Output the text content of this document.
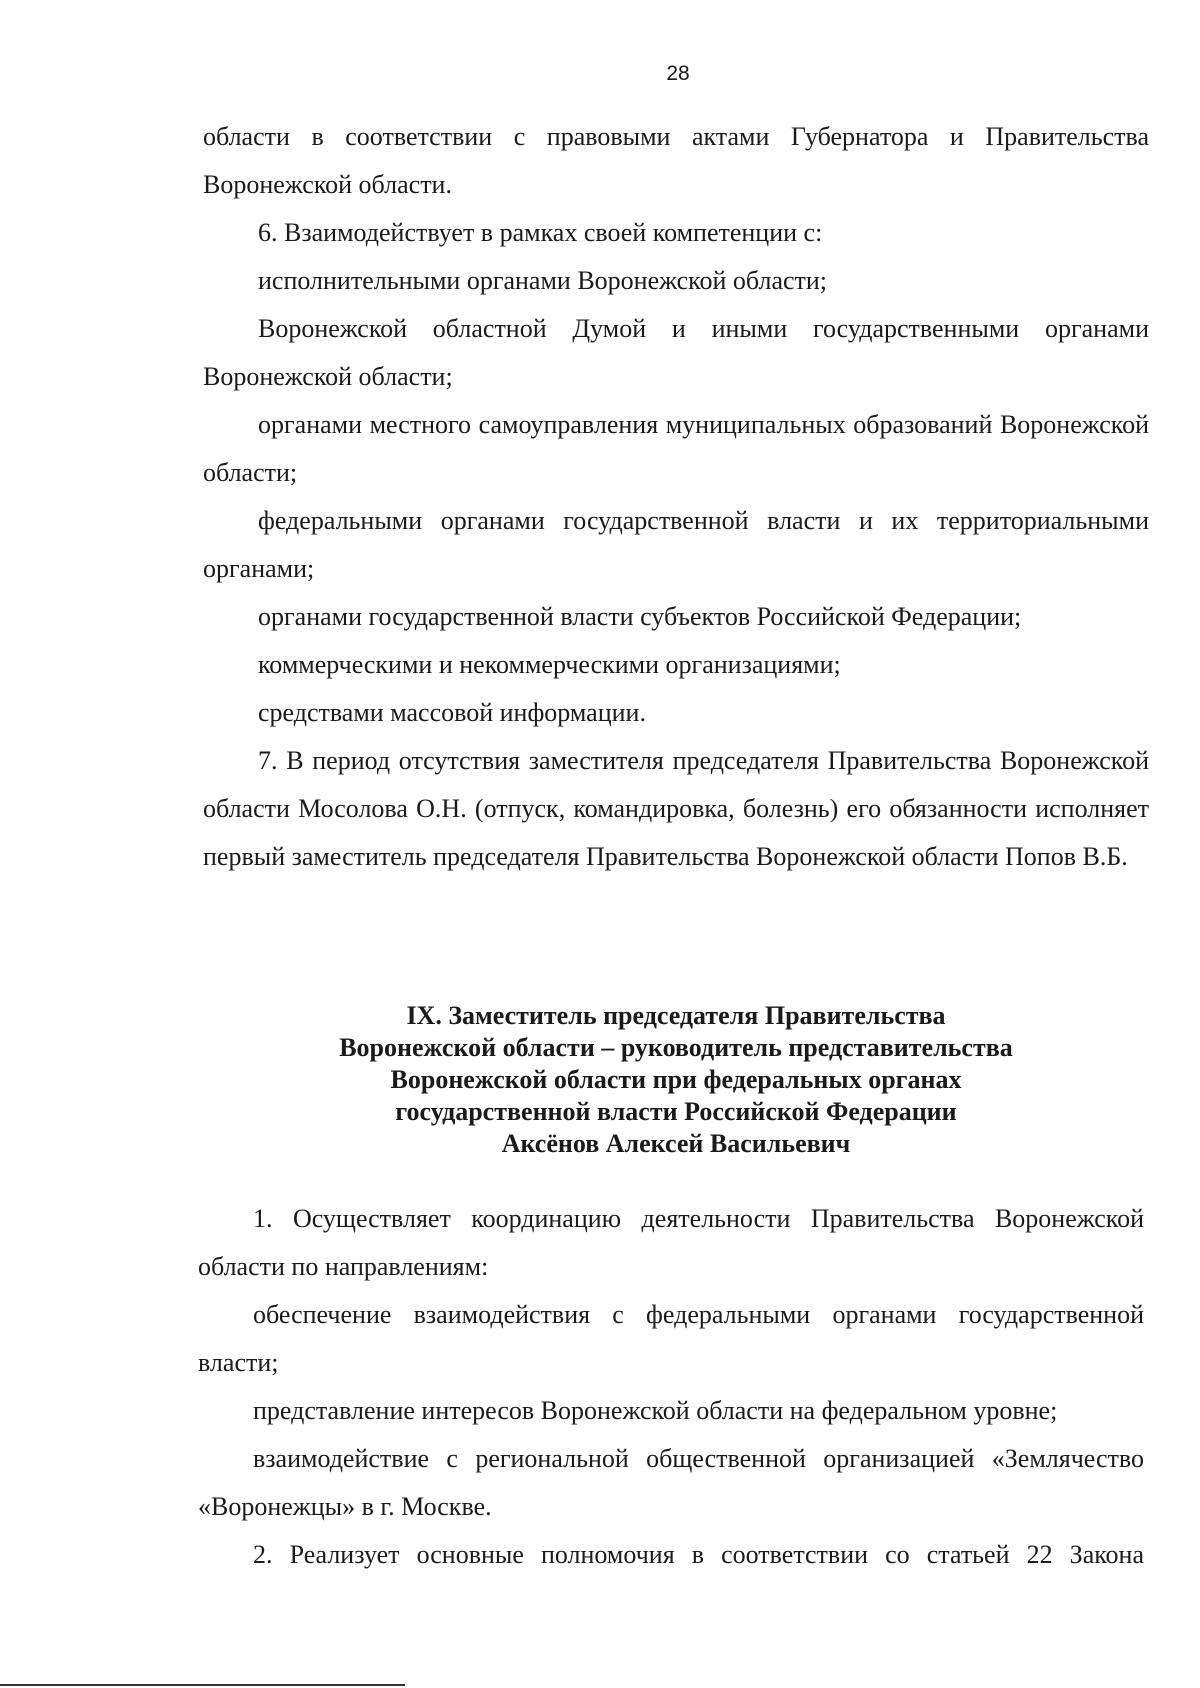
28

области в соответствии с правовыми актами Губернатора и Правительства Воронежской области.

6. Взаимодействует в рамках своей компетенции с:

исполнительными органами Воронежской области;

Воронежской областной Думой и иными государственными органами Воронежской области;

органами местного самоуправления муниципальных образований Воронежской области;

федеральными органами государственной власти и их территориальными органами;

органами государственной власти субъектов Российской Федерации;

коммерческими и некоммерческими организациями;

средствами массовой информации.

7. В период отсутствия заместителя председателя Правительства Воронежской области Мосолова О.Н. (отпуск, командировка, болезнь) его обязанности исполняет первый заместитель председателя Правительства Воронежской области Попов В.Б.

IX. Заместитель председателя Правительства
Воронежской области – руководитель представительства
Воронежской области при федеральных органах
государственной власти Российской Федерации
Аксёнов Алексей Васильевич

1. Осуществляет координацию деятельности Правительства Воронежской области по направлениям:

обеспечение взаимодействия с федеральными органами государственной власти;

представление интересов Воронежской области на федеральном уровне;

взаимодействие с региональной общественной организацией «Землячество «Воронежцы» в г. Москве.

2. Реализует основные полномочия в соответствии со статьей 22 Закона
